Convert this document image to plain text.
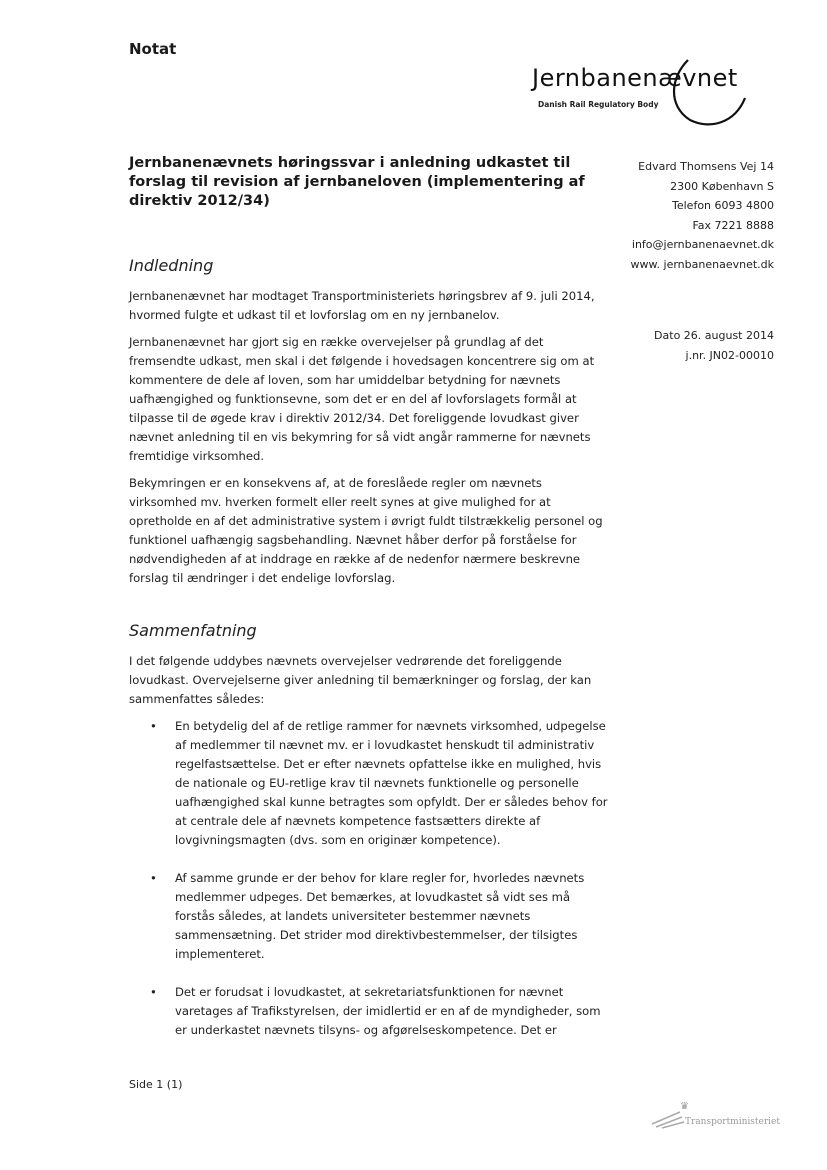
Notat
Jernbanenævnet
Danish Rail Regulatory Body
Jernbanenævnets høringssvar i anledning udkastet til forslag til revision af jernbaneloven (implementering af direktiv 2012/34)
Edvard Thomsens Vej 14
2300 København S
Telefon 6093 4800
Fax 7221 8888
info@jernbanenaevnet.dk
www. jernbanenaevnet.dk
Dato 26. august 2014
j.nr. JN02-00010
Indledning
Jernbanenævnet har modtaget Transportministeriets høringsbrev af 9. juli 2014, hvormed fulgte et udkast til et lovforslag om en ny jernbanelov.
Jernbanenævnet har gjort sig en række overvejelser på grundlag af det fremsendte udkast, men skal i det følgende i hovedsagen koncentrere sig om at kommentere de dele af loven, som har umiddelbar betydning for nævnets uafhængighed og funktionsevne, som det er en del af lovforslagets formål at tilpasse til de øgede krav i direktiv 2012/34. Det foreliggende lovudkast giver nævnet anledning til en vis bekymring for så vidt angår rammerne for nævnets fremtidige virksomhed.
Bekymringen er en konsekvens af, at de foreslåede regler om nævnets virksomhed mv. hverken formelt eller reelt synes at give mulighed for at opretholde en af det administrative system i øvrigt fuldt tilstrækkelig personel og funktionel uafhængig sagsbehandling. Nævnet håber derfor på forståelse for nødvendigheden af at inddrage en række af de nedenfor nærmere beskrevne forslag til ændringer i det endelige lovforslag.
Sammenfatning
I det følgende uddybes nævnets overvejelser vedrørende det foreliggende lovudkast. Overvejelserne giver anledning til bemærkninger og forslag, der kan sammenfattes således:
• En betydelig del af de retlige rammer for nævnets virksomhed, udpegelse af medlemmer til nævnet mv. er i lovudkastet henskudt til administrativ regelfastsættelse. Det er efter nævnets opfattelse ikke en mulighed, hvis de nationale og EU-retlige krav til nævnets funktionelle og personelle uafhængighed skal kunne betragtes som opfyldt. Der er således behov for at centrale dele af nævnets kompetence fastsætters direkte af lovgivningsmagten (dvs. som en originær kompetence).
• Af samme grunde er der behov for klare regler for, hvorledes nævnets medlemmer udpeges. Det bemærkes, at lovudkastet så vidt ses må forstås således, at landets universiteter bestemmer nævnets sammensætning. Det strider mod direktivbestemmelser, der tilsigtes implementeret.
• Det er forudsat i lovudkastet, at sekretariatsfunktionen for nævnet varetages af Trafikstyrelsen, der imidlertid er en af de myndigheder, som er underkastet nævnets tilsyns- og afgørelseskompetence. Det er
Side 1 (1)
♛
Transportministeriet
